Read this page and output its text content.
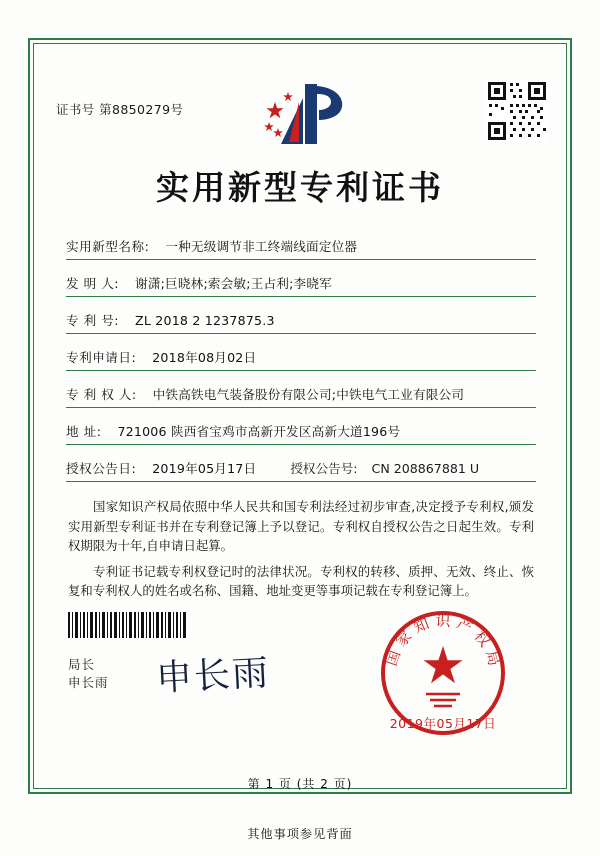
证书号 第8850279号
实用新型专利证书
实用新型名称:	一种无级调节非工终端线面定位器
发 明 人:	谢潇;巨晓林;索会敏;王占利;李晓军
专 利 号:	ZL 2018 2 1237875.3
专利申请日:	2018年08月02日
专 利 权 人:	中铁高铁电气装备股份有限公司;中铁电气工业有限公司
地 址:	721006 陕西省宝鸡市高新开发区高新大道196号
授权公告日:	2019年05月17日	授权公告号:	CN 208867881 U
国家知识产权局依照中华人民共和国专利法经过初步审查,决定授予专利权,颁发实用新型专利证书并在专利登记簿上予以登记。专利权自授权公告之日起生效。专利权期限为十年,自申请日起算。
专利证书记载专利权登记时的法律状况。专利权的转移、质押、无效、终止、恢复和专利权人的姓名或名称、国籍、地址变更等事项记载在专利登记簿上。
局长
申长雨 申长雨	国家知识产权局
2019年05月17日
第 1 页 (共 2 页)
其他事项参见背面
